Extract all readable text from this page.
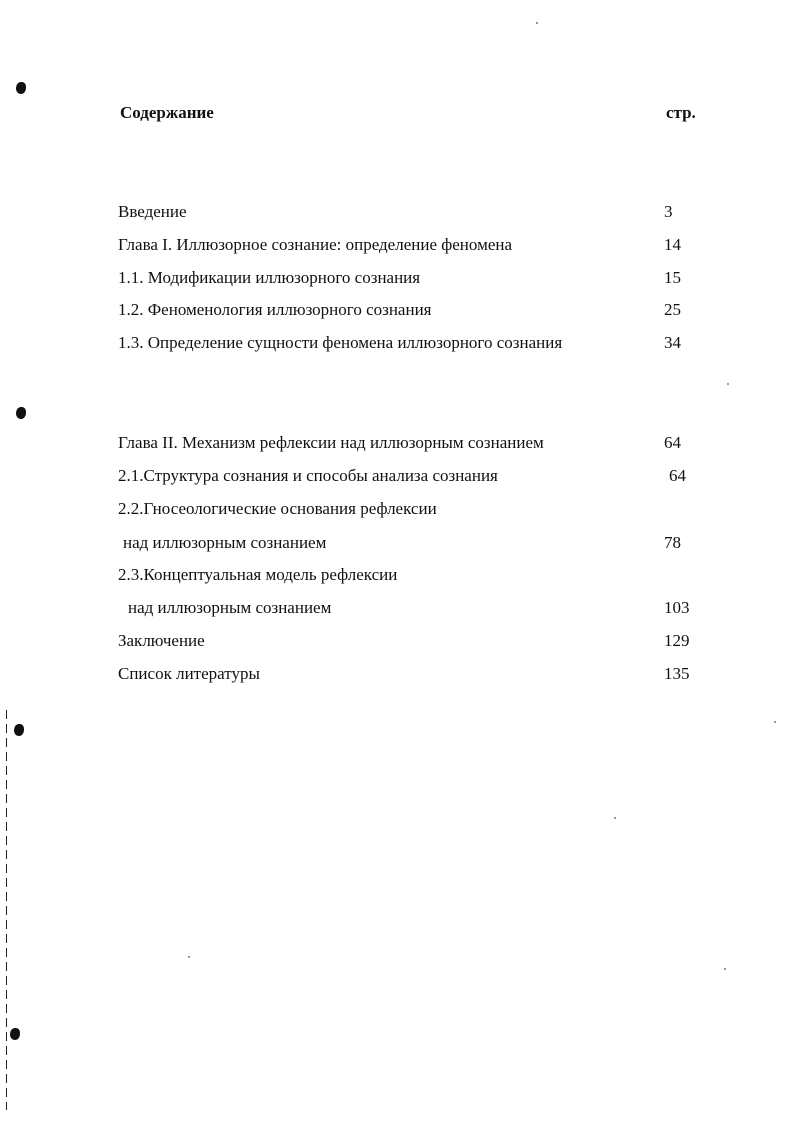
Содержание	стр.
Введение	3
Глава I. Иллюзорное сознание: определение феномена	14
1.1. Модификации иллюзорного сознания	15
1.2. Феноменология иллюзорного сознания	25
1.3. Определение сущности феномена иллюзорного сознания	34
Глава II. Механизм рефлексии над иллюзорным сознанием	64
2.1.Структура сознания и способы анализа сознания	64
2.2.Гносеологические основания рефлексии
над иллюзорным сознанием	78
2.3.Концептуальная модель рефлексии
над иллюзорным сознанием	103
Заключение	129
Список литературы	135
